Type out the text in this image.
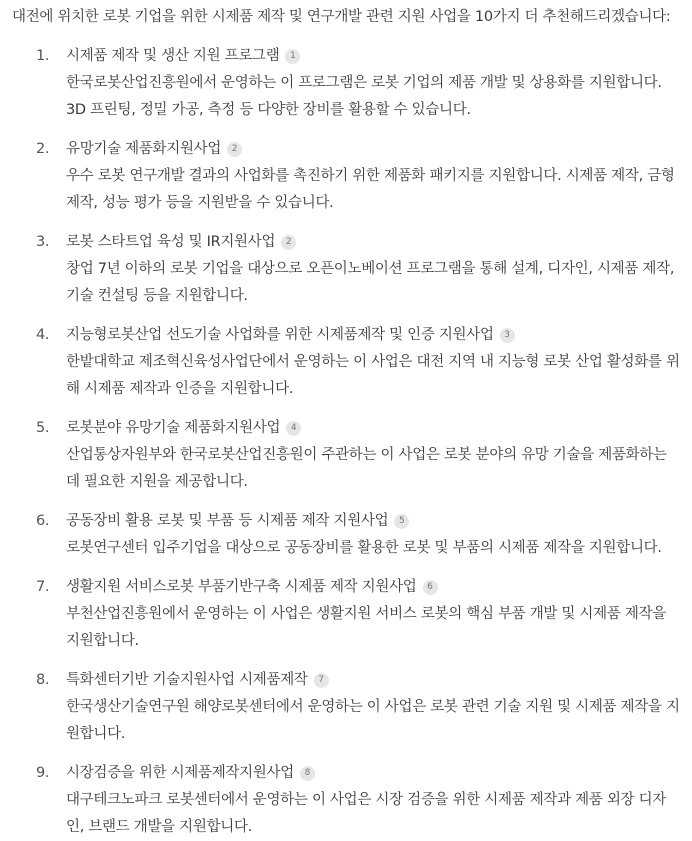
대전에 위치한 로봇 기업을 위한 시제품 제작 및 연구개발 관련 지원 사업을 10가지 더 추천해드리겠습니다:

1.	시제품 제작 및 생산 지원 프로그램 1
한국로봇산업진흥원에서 운영하는 이 프로그램은 로봇 기업의 제품 개발 및 상용화를 지원합니다. 3D 프린팅, 정밀 가공, 측정 등 다양한 장비를 활용할 수 있습니다.
2.	유망기술 제품화지원사업 2
우수 로봇 연구개발 결과의 사업화를 촉진하기 위한 제품화 패키지를 지원합니다. 시제품 제작, 금형 제작, 성능 평가 등을 지원받을 수 있습니다.
3.	로봇 스타트업 육성 및 IR지원사업 2
창업 7년 이하의 로봇 기업을 대상으로 오픈이노베이션 프로그램을 통해 설계, 디자인, 시제품 제작, 기술 컨설팅 등을 지원합니다.
4.	지능형로봇산업 선도기술 사업화를 위한 시제품제작 및 인증 지원사업 3
한밭대학교 제조혁신육성사업단에서 운영하는 이 사업은 대전 지역 내 지능형 로봇 산업 활성화를 위해 시제품 제작과 인증을 지원합니다.
5.	로봇분야 유망기술 제품화지원사업 4
산업통상자원부와 한국로봇산업진흥원이 주관하는 이 사업은 로봇 분야의 유망 기술을 제품화하는 데 필요한 지원을 제공합니다.
6.	공동장비 활용 로봇 및 부품 등 시제품 제작 지원사업 5
로봇연구센터 입주기업을 대상으로 공동장비를 활용한 로봇 및 부품의 시제품 제작을 지원합니다.
7.	생활지원 서비스로봇 부품기반구축 시제품 제작 지원사업 6
부천산업진흥원에서 운영하는 이 사업은 생활지원 서비스 로봇의 핵심 부품 개발 및 시제품 제작을 지원합니다.
8.	특화센터기반 기술지원사업 시제품제작 7
한국생산기술연구원 해양로봇센터에서 운영하는 이 사업은 로봇 관련 기술 지원 및 시제품 제작을 지원합니다.
9.	시장검증을 위한 시제품제작지원사업 8
대구테크노파크 로봇센터에서 운영하는 이 사업은 시장 검증을 위한 시제품 제작과 제품 외장 디자인, 브랜드 개발을 지원합니다.
